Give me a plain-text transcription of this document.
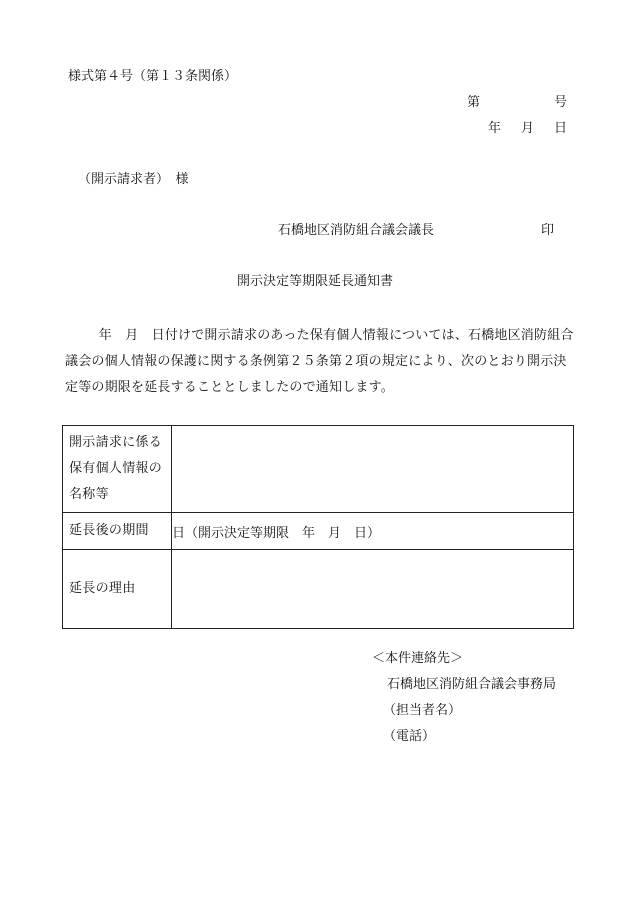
様式第４号（第１３条関係）
第	号
年 月 日
（開示請求者）　様
石橋地区消防組合議会議長	印
開示決定等期限延長通知書
年　月　日付けで開示請求のあった保有個人情報については、石橋地区消防組合議会の個人情報の保護に関する条例第２５条第２項の規定により、次のとおり開示決定等の期限を延長することとしましたので通知します。
開示請求に係る保有個人情報の名称等	
延長後の期間	日（開示決定等期限　年　月　日）
延長の理由	
＜本件連絡先＞
石橋地区消防組合議会事務局
（担当者名）
（電話）
